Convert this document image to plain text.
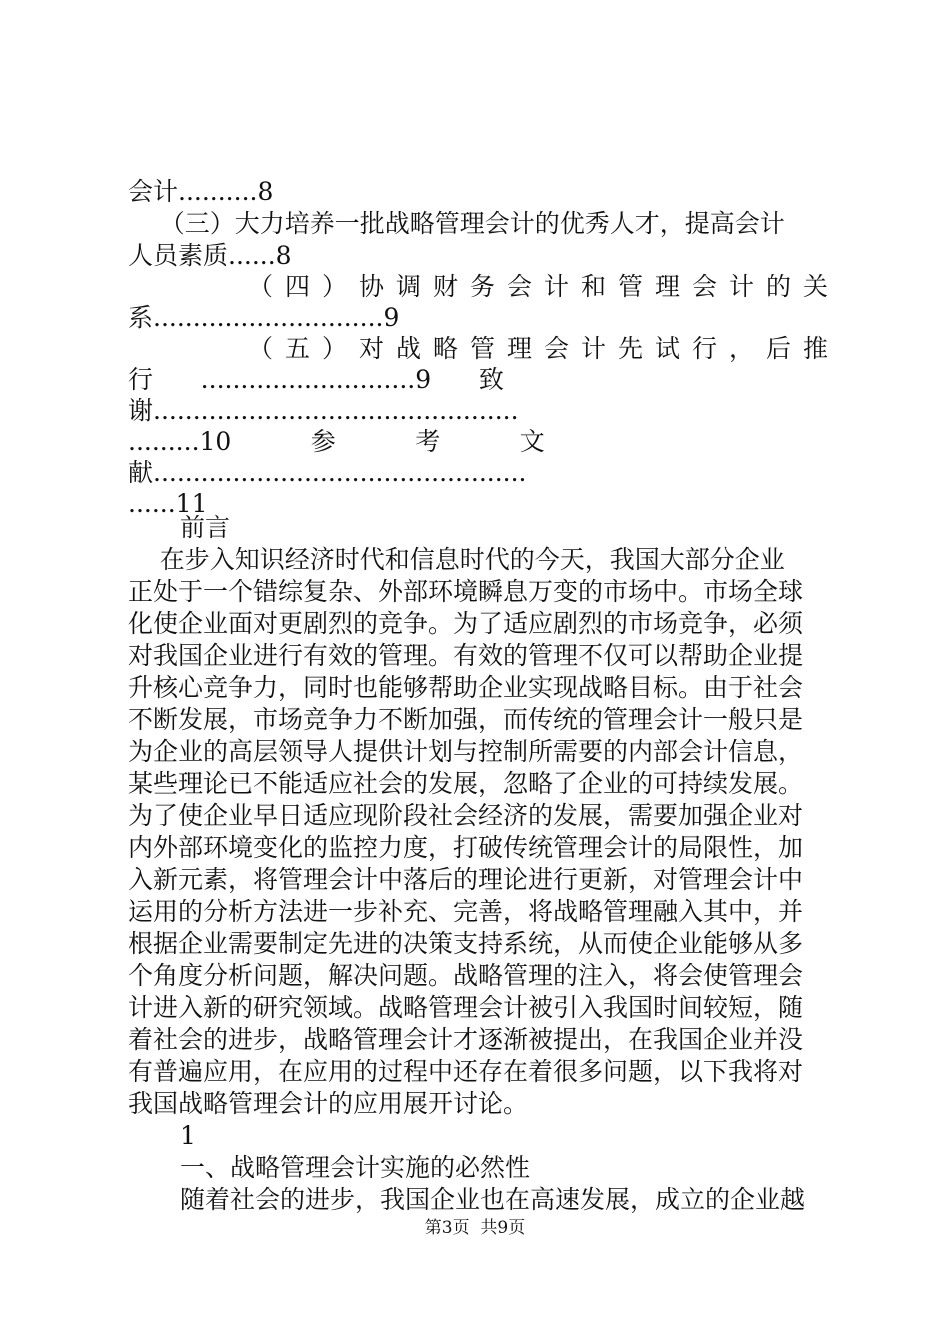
会计..........8
（三）大力培养一批战略管理会计的优秀人才，提高会计
人员素质......8
（四）协调财务会计和管理会计的关
系.............................9
（五）对战略管理会计先试行，后推
行      ...........................9      致
谢..............................................
.........10          参          考          文
献...............................................
......11
前言
在步入知识经济时代和信息时代的今天，我国大部分企业
正处于一个错综复杂、外部环境瞬息万变的市场中。市场全球
化使企业面对更剧烈的竞争。为了适应剧烈的市场竞争，必须
对我国企业进行有效的管理。有效的管理不仅可以帮助企业提
升核心竞争力，同时也能够帮助企业实现战略目标。由于社会
不断发展，市场竞争力不断加强，而传统的管理会计一般只是
为企业的高层领导人提供计划与控制所需要的内部会计信息，
某些理论已不能适应社会的发展，忽略了企业的可持续发展。
为了使企业早日适应现阶段社会经济的发展，需要加强企业对
内外部环境变化的监控力度，打破传统管理会计的局限性，加
入新元素，将管理会计中落后的理论进行更新，对管理会计中
运用的分析方法进一步补充、完善，将战略管理融入其中，并
根据企业需要制定先进的决策支持系统，从而使企业能够从多
个角度分析问题，解决问题。战略管理的注入，将会使管理会
计进入新的研究领域。战略管理会计被引入我国时间较短，随
着社会的进步，战略管理会计才逐渐被提出，在我国企业并没
有普遍应用，在应用的过程中还存在着很多问题，以下我将对
我国战略管理会计的应用展开讨论。
1
一、战略管理会计实施的必然性
随着社会的进步，我国企业也在高速发展，成立的企业越
第3页  共9页
